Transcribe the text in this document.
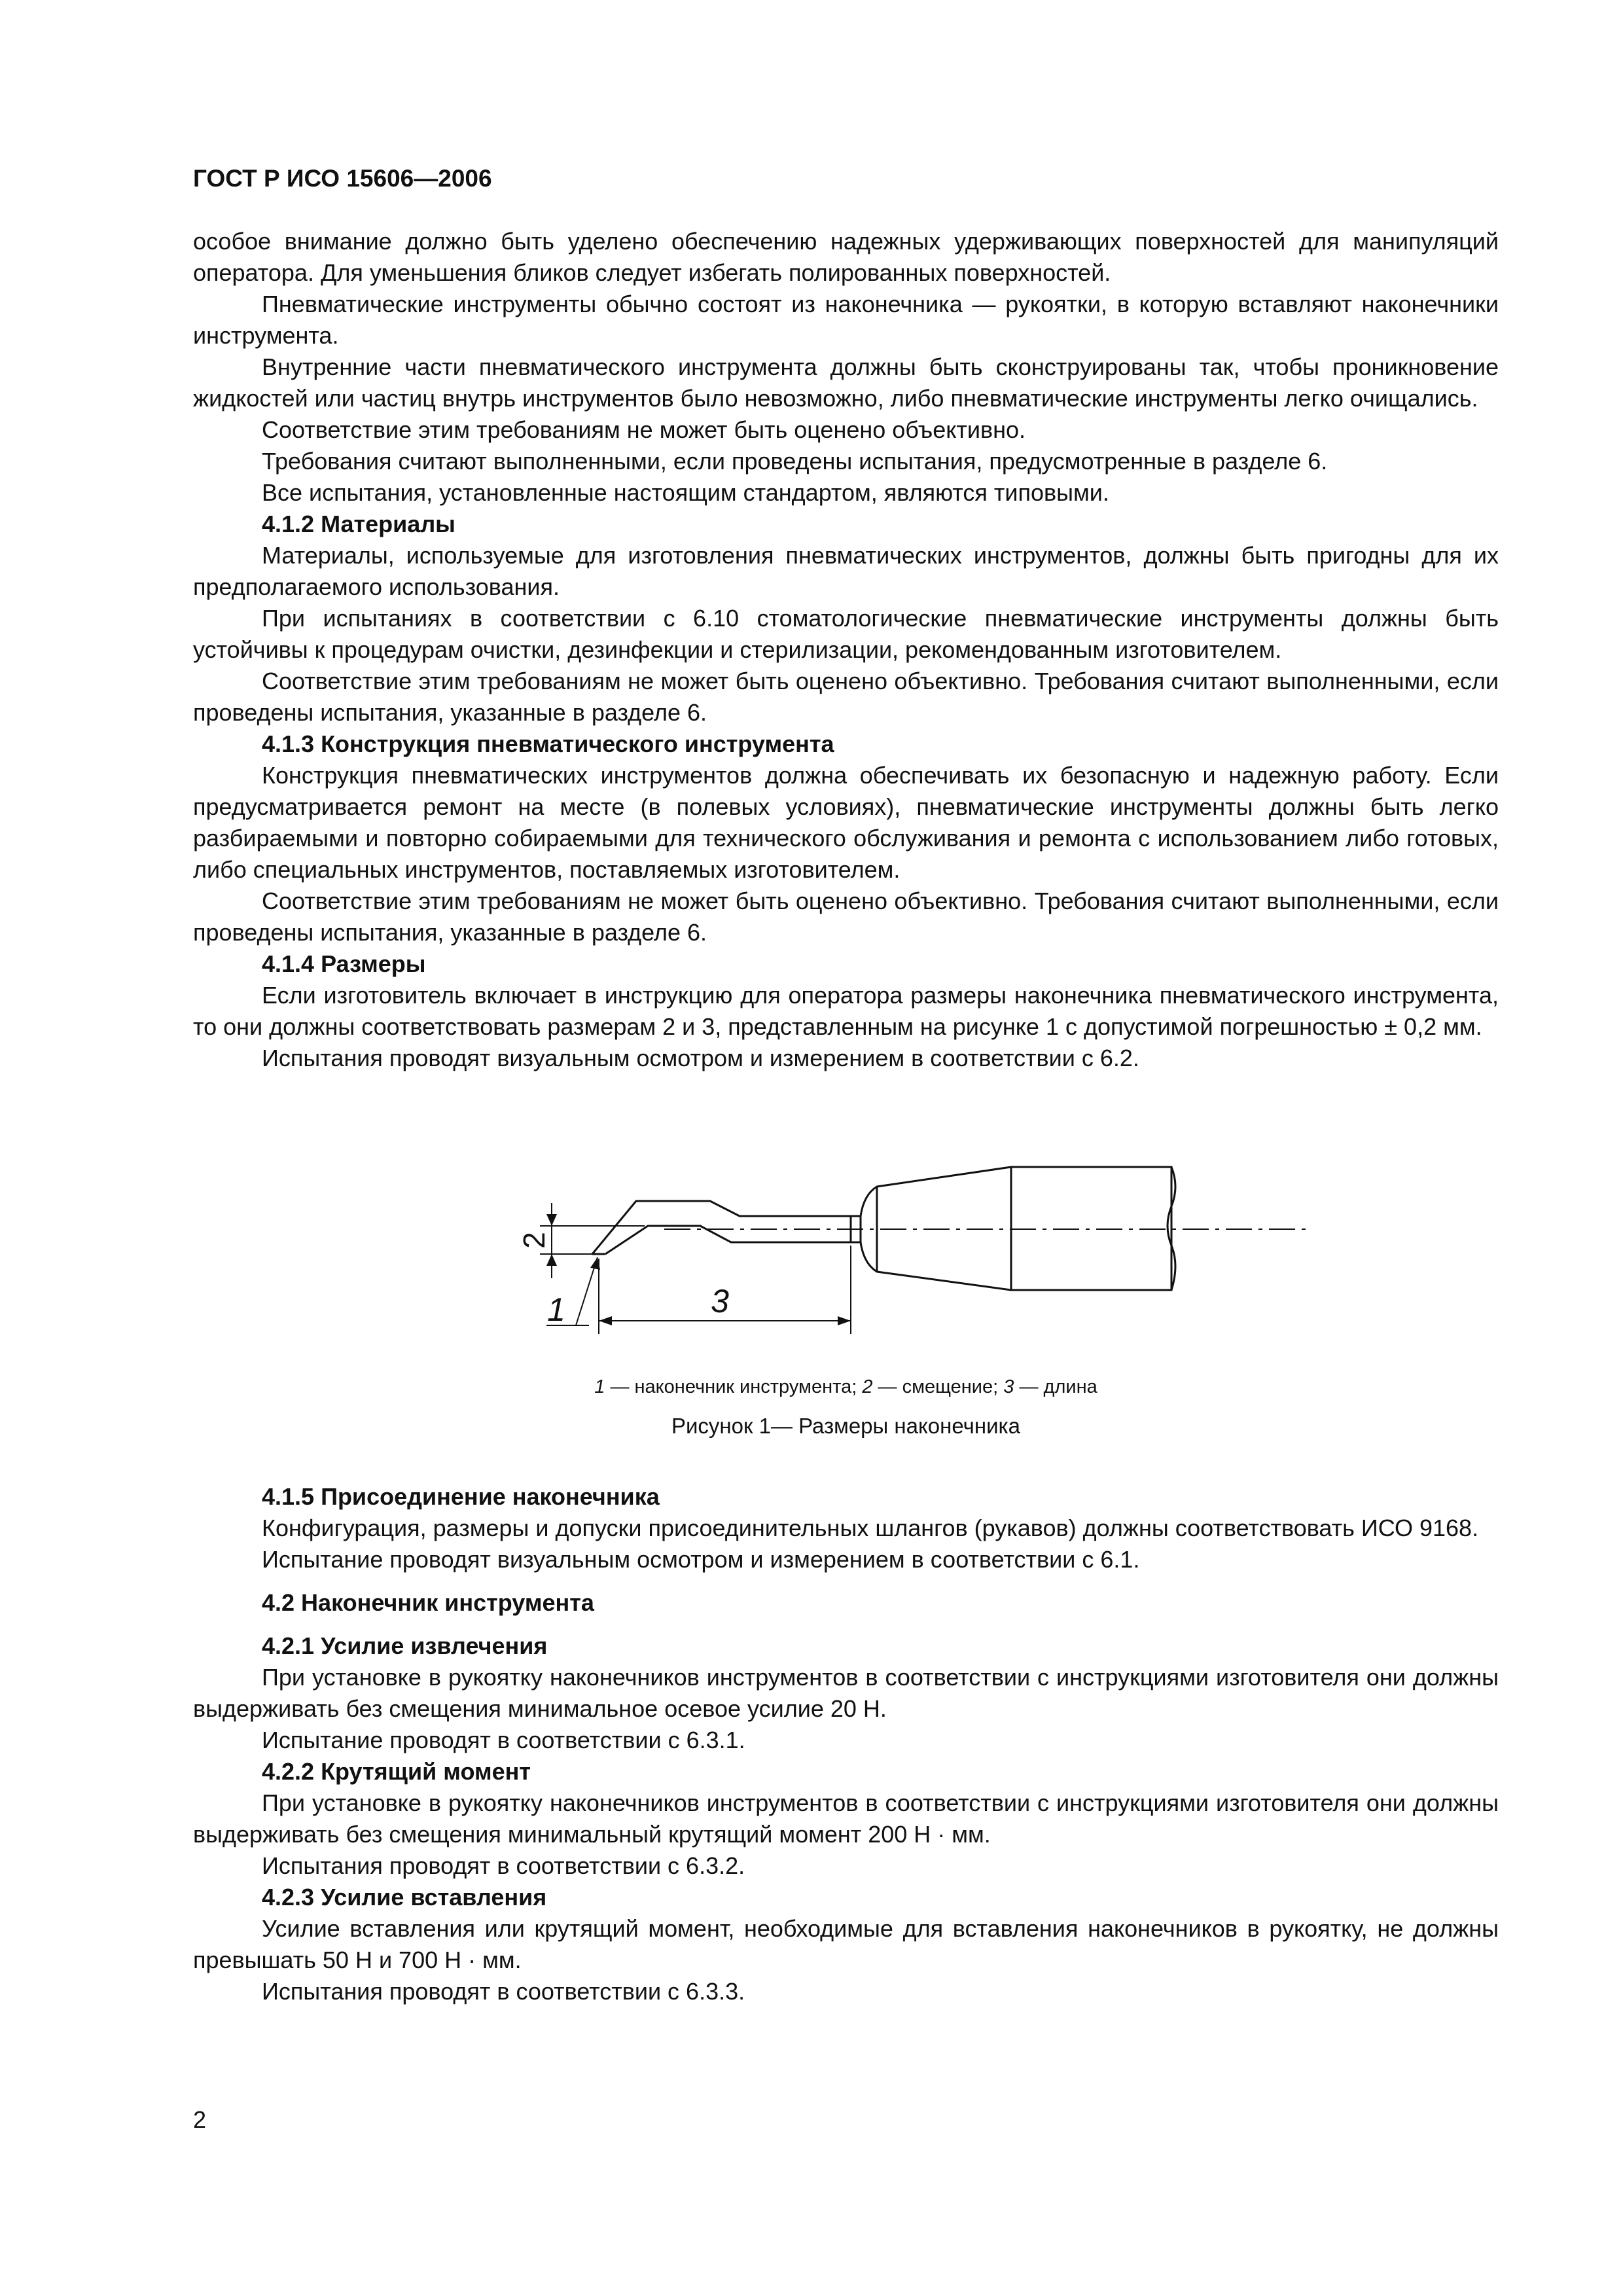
ГОСТ Р ИСО 15606—2006

особое внимание должно быть уделено обеспечению надежных удерживающих поверхностей для манипуляций оператора. Для уменьшения бликов следует избегать полированных поверхностей.

Пневматические инструменты обычно состоят из наконечника — рукоятки, в которую вставляют наконечники инструмента.

Внутренние части пневматического инструмента должны быть сконструированы так, чтобы проникновение жидкостей или частиц внутрь инструментов было невозможно, либо пневматические инструменты легко очищались.

Соответствие этим требованиям не может быть оценено объективно.

Требования считают выполненными, если проведены испытания, предусмотренные в разделе 6.

Все испытания, установленные настоящим стандартом, являются типовыми.

4.1.2 Материалы

Материалы, используемые для изготовления пневматических инструментов, должны быть пригодны для их предполагаемого использования.

При испытаниях в соответствии с 6.10 стоматологические пневматические инструменты должны быть устойчивы к процедурам очистки, дезинфекции и стерилизации, рекомендованным изготовителем.

Соответствие этим требованиям не может быть оценено объективно. Требования считают выполненными, если проведены испытания, указанные в разделе 6.

4.1.3 Конструкция пневматического инструмента

Конструкция пневматических инструментов должна обеспечивать их безопасную и надежную работу. Если предусматривается ремонт на месте (в полевых условиях), пневматические инструменты должны быть легко разбираемыми и повторно собираемыми для технического обслуживания и ремонта с использованием либо готовых, либо специальных инструментов, поставляемых изготовителем.

Соответствие этим требованиям не может быть оценено объективно. Требования считают выполненными, если проведены испытания, указанные в разделе 6.

4.1.4 Размеры

Если изготовитель включает в инструкцию для оператора размеры наконечника пневматического инструмента, то они должны соответствовать размерам 2 и 3, представленным на рисунке 1 с допустимой погрешностью ± 0,2 мм.

Испытания проводят визуальным осмотром и измерением в соответствии с 6.2.

2
3
1
1 — наконечник инструмента; 2 — смещение; 3 — длина
Рисунок 1— Размеры наконечника

4.1.5 Присоединение наконечника

Конфигурация, размеры и допуски присоединительных шлангов (рукавов) должны соответствовать ИСО 9168.

Испытание проводят визуальным осмотром и измерением в соответствии с 6.1.

4.2 Наконечник инструмента

4.2.1 Усилие извлечения

При установке в рукоятку наконечников инструментов в соответствии с инструкциями изготовителя они должны выдерживать без смещения минимальное осевое усилие 20 Н.

Испытание проводят в соответствии с 6.3.1.

4.2.2 Крутящий момент

При установке в рукоятку наконечников инструментов в соответствии с инструкциями изготовителя они должны выдерживать без смещения минимальный крутящий момент 200 Н · мм.

Испытания проводят в соответствии с 6.3.2.

4.2.3 Усилие вставления

Усилие вставления или крутящий момент, необходимые для вставления наконечников в рукоятку, не должны превышать 50 Н и 700 Н · мм.

Испытания проводят в соответствии с 6.3.3.

2
